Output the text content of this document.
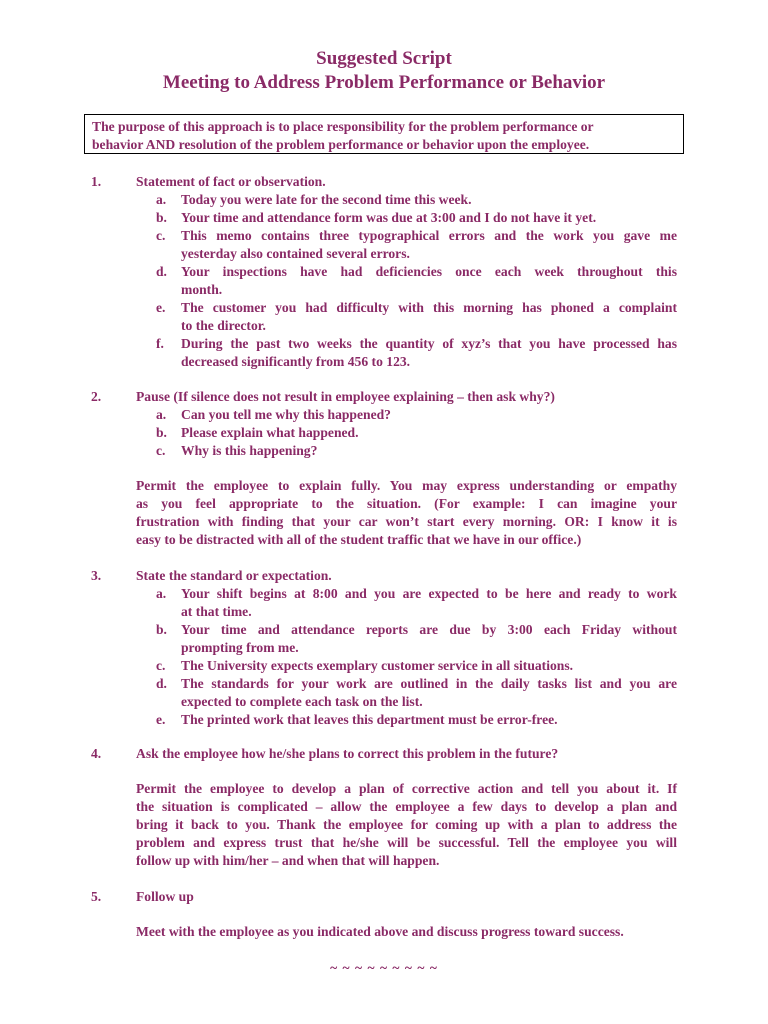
Suggested Script
Meeting to Address Problem Performance or Behavior
The purpose of this approach is to place responsibility for the problem performance or
behavior AND resolution of the problem performance or behavior upon the employee.
1.	Statement of fact or observation.
a. Today you were late for the second time this week.
b. Your time and attendance form was due at 3:00 and I do not have it yet.
c. This memo contains three typographical errors and the work you gave me
yesterday also contained several errors.
d. Your inspections have had deficiencies once each week throughout this
month.
e. The customer you had difficulty with this morning has phoned a complaint
to the director.
f. During the past two weeks the quantity of xyz’s that you have processed has
decreased significantly from 456 to 123.
2.	Pause (If silence does not result in employee explaining – then ask why?)
a. Can you tell me why this happened?
b. Please explain what happened.
c. Why is this happening?
Permit the employee to explain fully. You may express understanding or empathy
as you feel appropriate to the situation. (For example: I can imagine your
frustration with finding that your car won’t start every morning. OR: I know it is
easy to be distracted with all of the student traffic that we have in our office.)
3.	State the standard or expectation.
a. Your shift begins at 8:00 and you are expected to be here and ready to work
at that time.
b. Your time and attendance reports are due by 3:00 each Friday without
prompting from me.
c. The University expects exemplary customer service in all situations.
d. The standards for your work are outlined in the daily tasks list and you are
expected to complete each task on the list.
e. The printed work that leaves this department must be error-free.
4.	Ask the employee how he/she plans to correct this problem in the future?
Permit the employee to develop a plan of corrective action and tell you about it. If
the situation is complicated – allow the employee a few days to develop a plan and
bring it back to you. Thank the employee for coming up with a plan to address the
problem and express trust that he/she will be successful. Tell the employee you will
follow up with him/her – and when that will happen.
5.	Follow up
Meet with the employee as you indicated above and discuss progress toward success.
~ ~ ~ ~ ~ ~ ~ ~ ~
